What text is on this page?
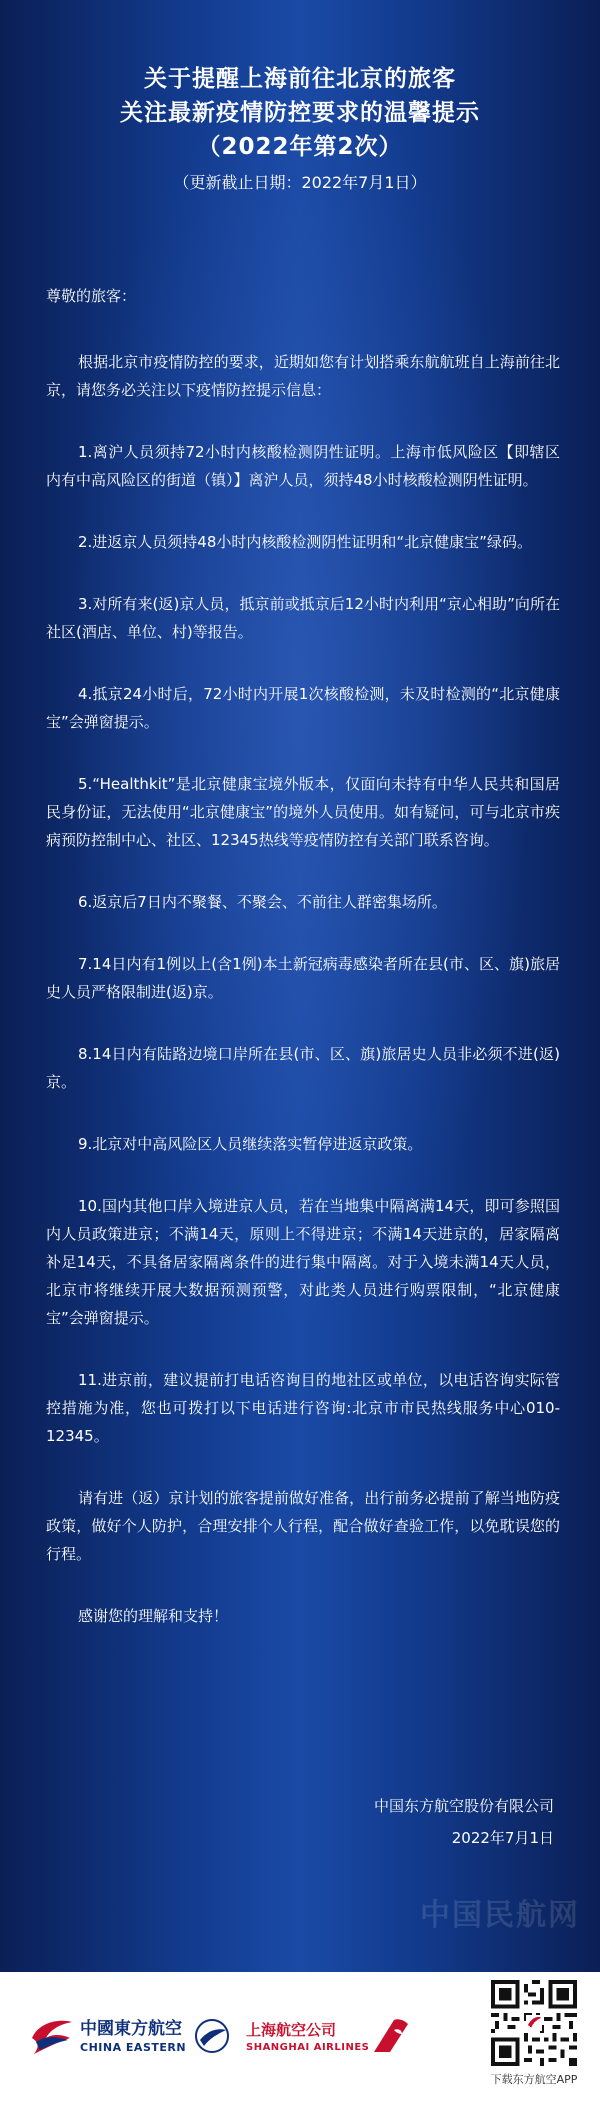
关于提醒上海前往北京的旅客
关注最新疫情防控要求的温馨提示
（2022年第2次）
（更新截止日期：2022年7月1日）

尊敬的旅客：

根据北京市疫情防控的要求，近期如您有计划搭乘东航航班自上海前往北京，请您务必关注以下疫情防控提示信息：

1.离沪人员须持72小时内核酸检测阴性证明。上海市低风险区【即辖区内有中高风险区的街道（镇）】离沪人员，须持48小时核酸检测阴性证明。

2.进返京人员须持48小时内核酸检测阴性证明和“北京健康宝”绿码。

3.对所有来(返)京人员，抵京前或抵京后12小时内利用“京心相助”向所在社区(酒店、单位、村)等报告。

4.抵京24小时后，72小时内开展1次核酸检测，未及时检测的“北京健康宝”会弹窗提示。

5.“Healthkit”是北京健康宝境外版本，仅面向未持有中华人民共和国居民身份证，无法使用“北京健康宝”的境外人员使用。如有疑问，可与北京市疾病预防控制中心、社区、12345热线等疫情防控有关部门联系咨询。

6.返京后7日内不聚餐、不聚会、不前往人群密集场所。

7.14日内有1例以上(含1例)本土新冠病毒感染者所在县(市、区、旗)旅居史人员严格限制进(返)京。

8.14日内有陆路边境口岸所在县(市、区、旗)旅居史人员非必须不进(返)京。

9.北京对中高风险区人员继续落实暂停进返京政策。

10.国内其他口岸入境进京人员，若在当地集中隔离满14天，即可参照国内人员政策进京；不满14天，原则上不得进京；不满14天进京的，居家隔离补足14天，不具备居家隔离条件的进行集中隔离。对于入境未满14天人员，北京市将继续开展大数据预测预警，对此类人员进行购票限制，“北京健康宝”会弹窗提示。

11.进京前，建议提前打电话咨询目的地社区或单位，以电话咨询实际管控措施为准，您也可拨打以下电话进行咨询:北京市市民热线服务中心010-12345。

请有进（返）京计划的旅客提前做好准备，出行前务必提前了解当地防疫政策，做好个人防护，合理安排个人行程，配合做好查验工作，以免耽误您的行程。

感谢您的理解和支持！

中国东方航空股份有限公司
2022年7月1日
中国民航网
中國東方航空
CHINA EASTERN
上海航空公司
SHANGHAI AIRLINES
下载东方航空APP
